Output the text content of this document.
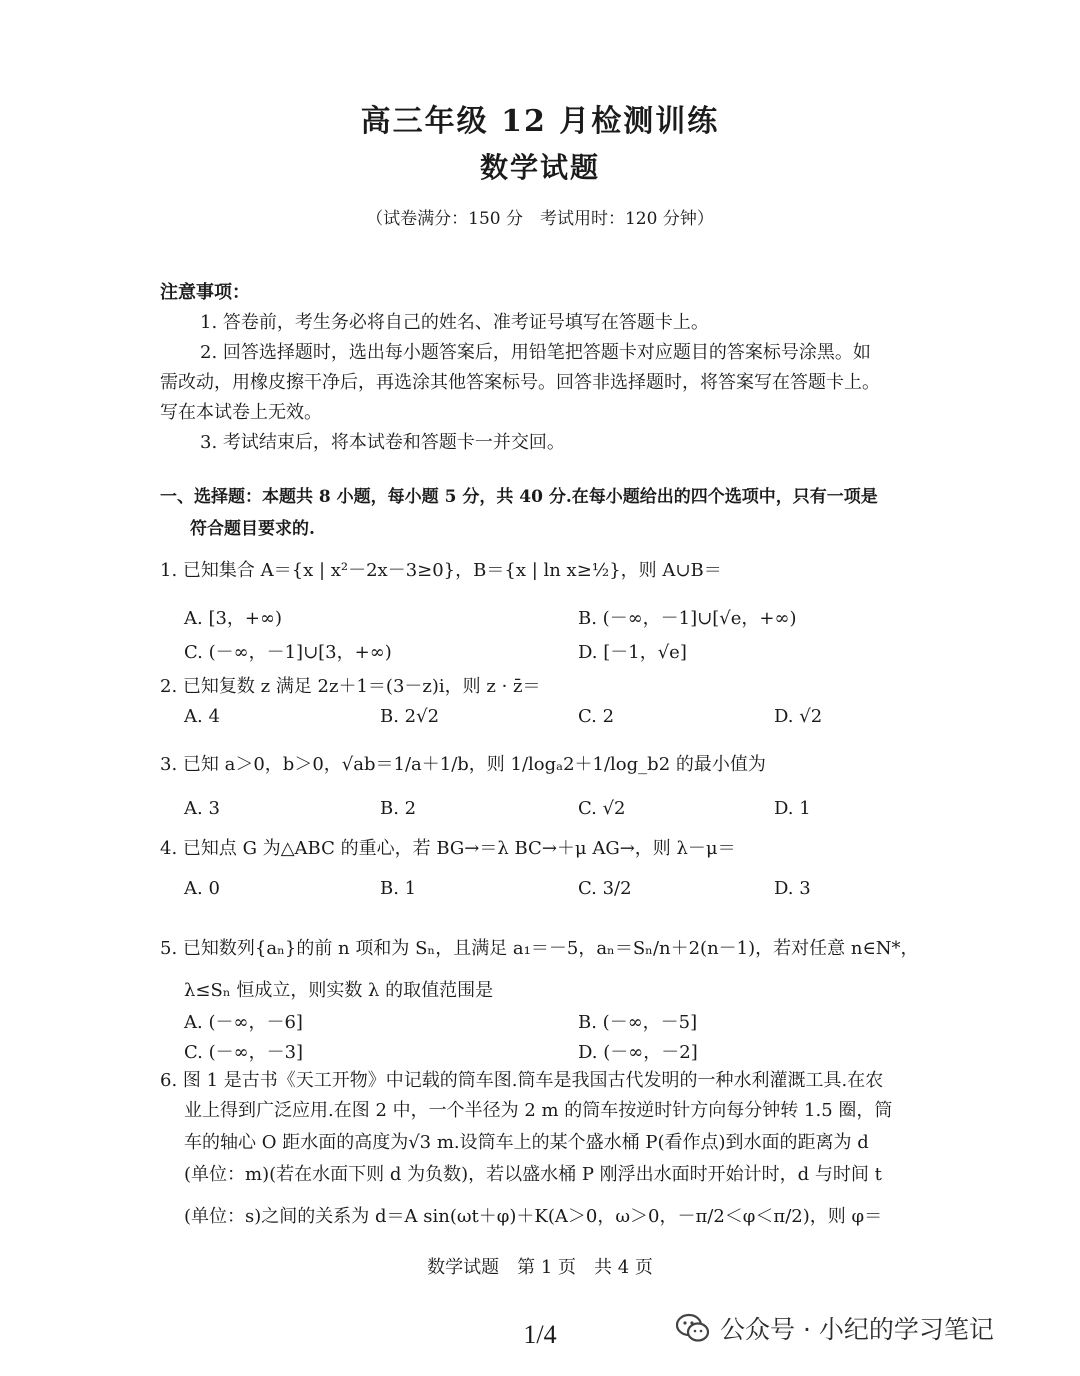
高三年级 12 月检测训练
数学试题
（试卷满分：150 分　考试用时：120 分钟）
注意事项：
1. 答卷前，考生务必将自己的姓名、准考证号填写在答题卡上。
2. 回答选择题时，选出每小题答案后，用铅笔把答题卡对应题目的答案标号涂黑。如
需改动，用橡皮擦干净后，再选涂其他答案标号。回答非选择题时，将答案写在答题卡上。
写在本试卷上无效。
3. 考试结束后，将本试卷和答题卡一并交回。
一、选择题：本题共 8 小题，每小题 5 分，共 40 分.在每小题给出的四个选项中，只有一项是
符合题目要求的.
1. 已知集合 A＝{x | x²－2x－3≥0}，B＝{x | ln x≥½}，则 A∪B＝
A. [3，+∞)	B. (－∞，－1]∪[√e，+∞)
C. (－∞，－1]∪[3，+∞)	D. [－1，√e]
2. 已知复数 z 满足 2z＋1＝(3－z)i，则 z · z̄＝
A. 4	B. 2√2	C. 2	D. √2
3. 已知 a＞0，b＞0，√ab＝1/a＋1/b，则 1/logₐ2＋1/log_b2 的最小值为
A. 3	B. 2	C. √2	D. 1
4. 已知点 G 为△ABC 的重心，若 BG→＝λ BC→＋μ AG→，则 λ－μ＝
A. 0	B. 1	C. 3/2	D. 3
5. 已知数列{aₙ}的前 n 项和为 Sₙ，且满足 a₁＝－5，aₙ＝Sₙ/n＋2(n－1)，若对任意 n∈N*，
λ≤Sₙ 恒成立，则实数 λ 的取值范围是
A. (－∞，－6]	B. (－∞，－5]
C. (－∞，－3]	D. (－∞，－2]
6. 图 1 是古书《天工开物》中记载的筒车图.筒车是我国古代发明的一种水利灌溉工具.在农
业上得到广泛应用.在图 2 中，一个半径为 2 m 的筒车按逆时针方向每分钟转 1.5 圈，筒
车的轴心 O 距水面的高度为√3 m.设筒车上的某个盛水桶 P(看作点)到水面的距离为 d
(单位：m)(若在水面下则 d 为负数)，若以盛水桶 P 刚浮出水面时开始计时，d 与时间 t
(单位：s)之间的关系为 d＝A sin(ωt＋φ)＋K(A＞0，ω＞0，－π/2＜φ＜π/2)，则 φ＝
数学试题　第 1 页　共 4 页
公众号 · 小纪的学习笔记
1/4
